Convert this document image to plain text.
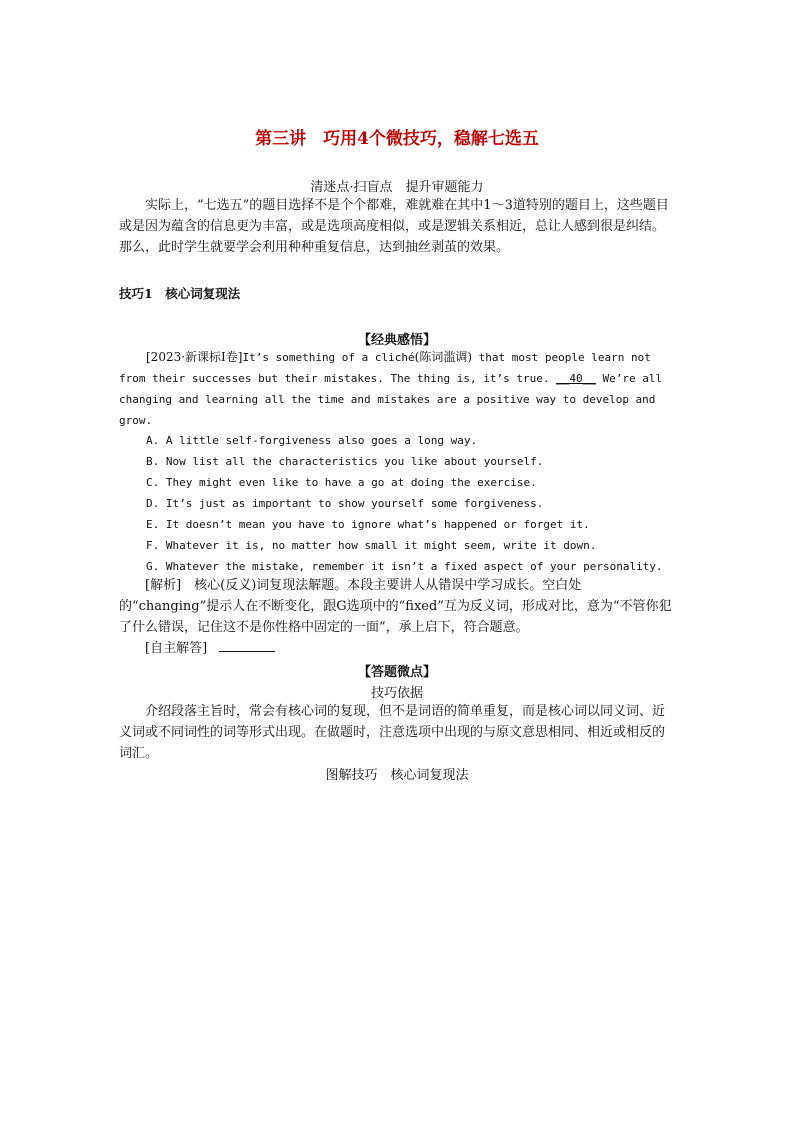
第三讲　巧用4个微技巧，稳解七选五
清迷点·扫盲点　提升审题能力

实际上，“七选五”的题目选择不是个个都难，难就难在其中1～3道特别的题目上，这些题目或是因为蕴含的信息更为丰富，或是选项高度相似，或是逻辑关系相近，总让人感到很是纠结。那么，此时学生就要学会利用种种重复信息，达到抽丝剥茧的效果。

技巧1　核心词复现法
【经典感悟】
[2023·新课标Ⅰ卷]It’s something of a cliché(陈词滥调) that most people learn not from their successes but their mistakes. The thing is, it’s true. __40__ We’re all changing and learning all the time and mistakes are a positive way to develop and grow.
A. A little self-forgiveness also goes a long way.
B. Now list all the characteristics you like about yourself.
C. They might even like to have a go at doing the exercise.
D. It’s just as important to show yourself some forgiveness.
E. It doesn’t mean you have to ignore what’s happened or forget it.
F. Whatever it is, no matter how small it might seem, write it down.
G. Whatever the mistake, remember it isn’t a fixed aspect of your personality.

[解析]　核心(反义)词复现法解题。本段主要讲人从错误中学习成长。空白处的“changing”提示人在不断变化，跟G选项中的“fixed”互为反义词，形成对比，意为“不管你犯了什么错误，记住这不是你性格中固定的一面”，承上启下，符合题意。

[自主解答]

【答题微点】
技巧依据

介绍段落主旨时，常会有核心词的复现，但不是词语的简单重复，而是核心词以同义词、近义词或不同词性的词等形式出现。在做题时，注意选项中出现的与原文意思相同、相近或相反的词汇。

图解技巧　核心词复现法
